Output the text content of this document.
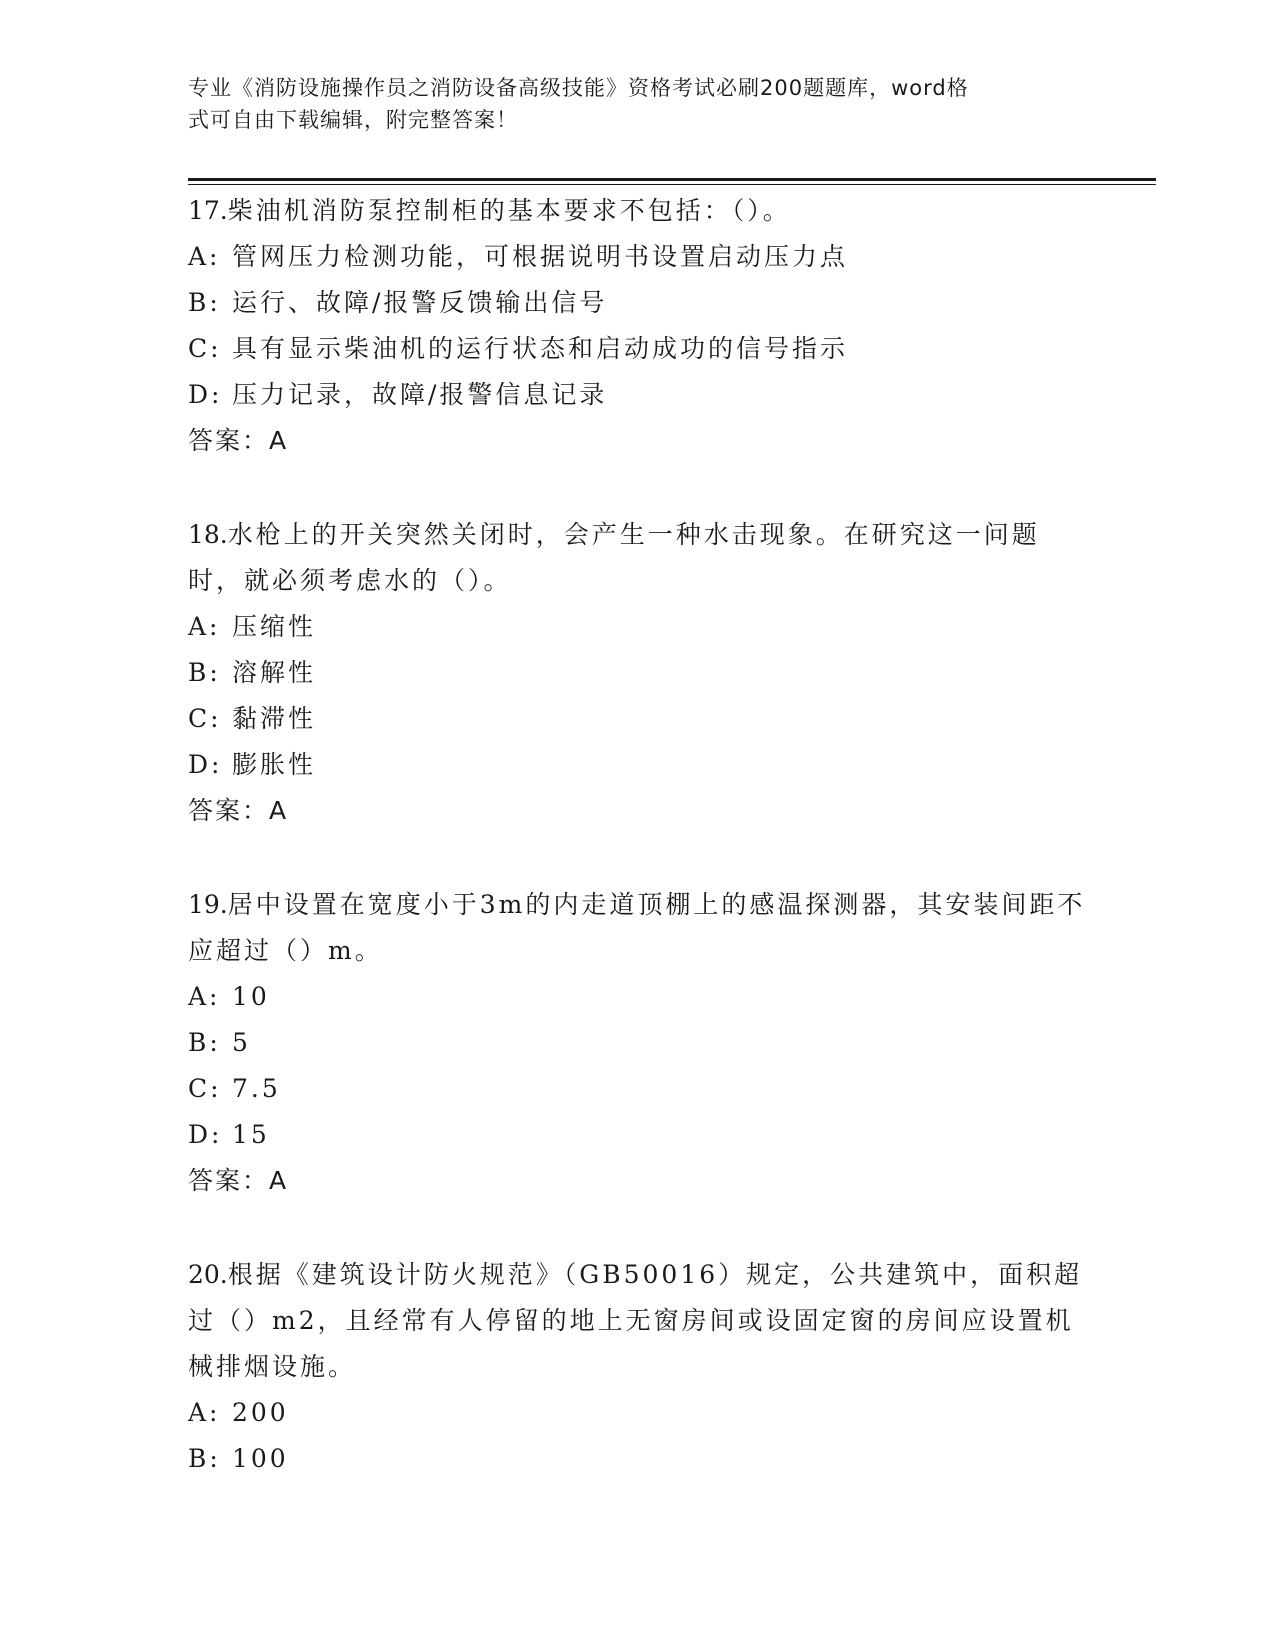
专业《消防设施操作员之消防设备高级技能》资格考试必刷200题题库，word格
式可自由下载编辑，附完整答案！
17.柴油机消防泵控制柜的基本要求不包括：（）。
A: 管网压力检测功能，可根据说明书设置启动压力点
B: 运行、故障/报警反馈输出信号
C: 具有显示柴油机的运行状态和启动成功的信号指示
D: 压力记录，故障/报警信息记录
答案：A
18.水枪上的开关突然关闭时，会产生一种水击现象。在研究这一问题时，就必须考虑水的（）。
A: 压缩性
B: 溶解性
C: 黏滞性
D: 膨胀性
答案：A
19.居中设置在宽度小于3m的内走道顶棚上的感温探测器，其安装间距不应超过（）m。
A: 10
B: 5
C: 7.5
D: 15
答案：A
20.根据《建筑设计防火规范》（GB50016）规定，公共建筑中，面积超过（）m2，且经常有人停留的地上无窗房间或设固定窗的房间应设置机械排烟设施。
A: 200
B: 100
